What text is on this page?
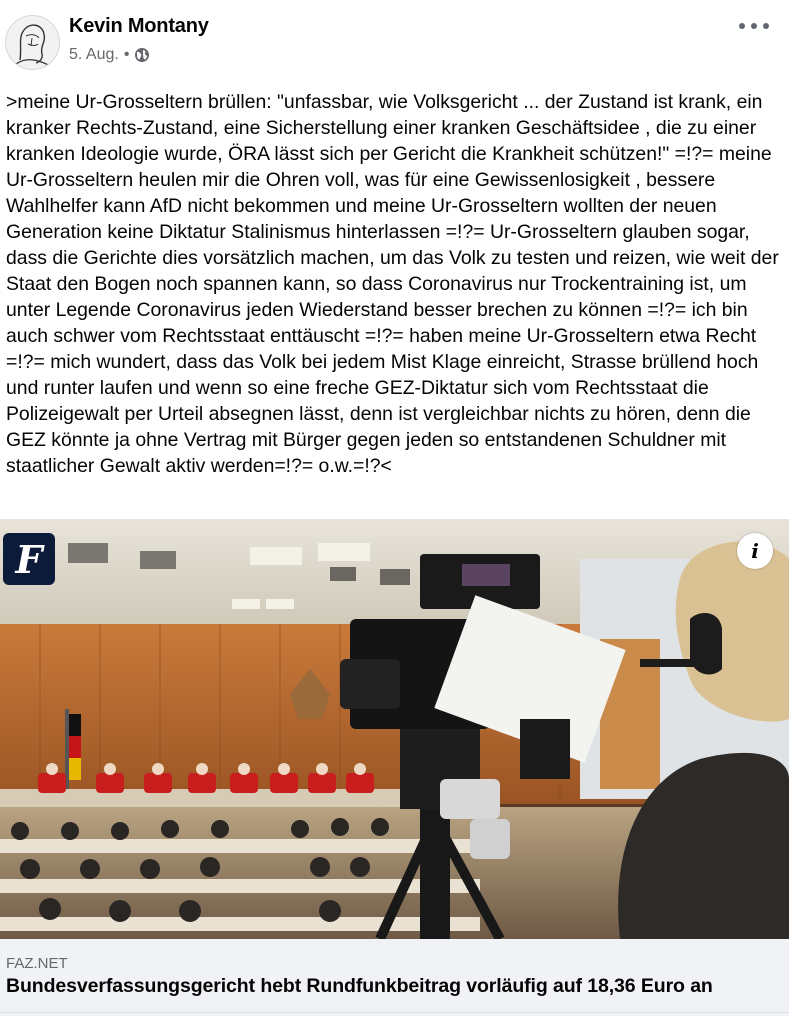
Kevin Montany
5. Aug. •
>meine Ur-Grosseltern brüllen: "unfassbar, wie Volksgericht ... der Zustand ist krank, ein kranker Rechts-Zustand, eine Sicherstellung einer kranken Geschäftsidee , die zu einer kranken Ideologie wurde, ÖRA lässt sich per Gericht die Krankheit schützen!" =!?= meine Ur-Grosseltern heulen mir die Ohren voll, was für eine Gewissenlosigkeit , bessere Wahlhelfer kann AfD nicht bekommen und meine Ur-Grosseltern wollten der neuen Generation keine Diktatur Stalinismus hinterlassen =!?= Ur-Grosseltern glauben sogar, dass die Gerichte dies vorsätzlich machen, um das Volk zu testen und reizen, wie weit der Staat den Bogen noch spannen kann, so dass Coronavirus nur Trockentraining ist, um unter Legende Coronavirus jeden Wiederstand besser brechen zu können =!?= ich bin auch schwer vom Rechtsstaat enttäuscht =!?= haben meine Ur-Grosseltern etwa Recht =!?= mich wundert, dass das Volk bei jedem Mist Klage einreicht, Strasse brüllend hoch und runter laufen und wenn so eine freche GEZ-Diktatur sich vom Rechtsstaat die Polizeigewalt per Urteil absegnen lässt, denn ist vergleichbar nichts zu hören, denn die GEZ könnte ja ohne Vertrag mit Bürger gegen jeden so entstandenen Schuldner mit staatlicher Gewalt aktiv werden=!?= o.w.=!?<
F	i
FAZ.NET
Bundesverfassungsgericht hebt Rundfunkbeitrag vorläufig auf 18,36 Euro an
